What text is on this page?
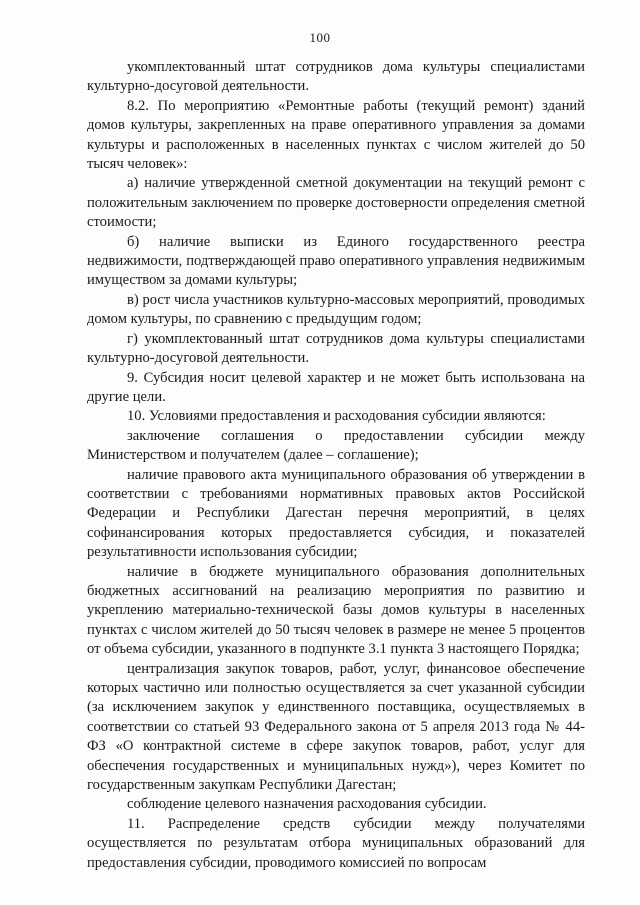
100

укомплектованный штат сотрудников дома культуры специалистами культурно-досуговой деятельности.

8.2. По мероприятию «Ремонтные работы (текущий ремонт) зданий домов культуры, закрепленных на праве оперативного управления за домами культуры и расположенных в населенных пунктах с числом жителей до 50 тысяч человек»:

а) наличие утвержденной сметной документации на текущий ремонт с положительным заключением по проверке достоверности определения сметной стоимости;

б) наличие выписки из Единого государственного реестра недвижимости, подтверждающей право оперативного управления недвижимым имуществом за домами культуры;

в) рост числа участников культурно-массовых мероприятий, проводимых домом культуры, по сравнению с предыдущим годом;

г) укомплектованный штат сотрудников дома культуры специалистами культурно-досуговой деятельности.

9. Субсидия носит целевой характер и не может быть использована на другие цели.

10. Условиями предоставления и расходования субсидии являются:

заключение соглашения о предоставлении субсидии между Министерством и получателем (далее – соглашение);

наличие правового акта муниципального образования об утверждении в соответствии с требованиями нормативных правовых актов Российской Федерации и Республики Дагестан перечня мероприятий, в целях софинансирования которых предоставляется субсидия, и показателей результативности использования субсидии;

наличие в бюджете муниципального образования дополнительных бюджетных ассигнований на реализацию мероприятия по развитию и укреплению материально-технической базы домов культуры в населенных пунктах с числом жителей до 50 тысяч человек в размере не менее 5 процентов от объема субсидии, указанного в подпункте 3.1 пункта 3 настоящего Порядка;

централизация закупок товаров, работ, услуг, финансовое обеспечение которых частично или полностью осуществляется за счет указанной субсидии (за исключением закупок у единственного поставщика, осуществляемых в соответствии со статьей 93 Федерального закона от 5 апреля 2013 года № 44-ФЗ «О контрактной системе в сфере закупок товаров, работ, услуг для обеспечения государственных и муниципальных нужд»), через Комитет по государственным закупкам Республики Дагестан;

соблюдение целевого назначения расходования субсидии.

11. Распределение средств субсидии между получателями осуществляется по результатам отбора муниципальных образований для предоставления субсидии, проводимого комиссией по вопросам
